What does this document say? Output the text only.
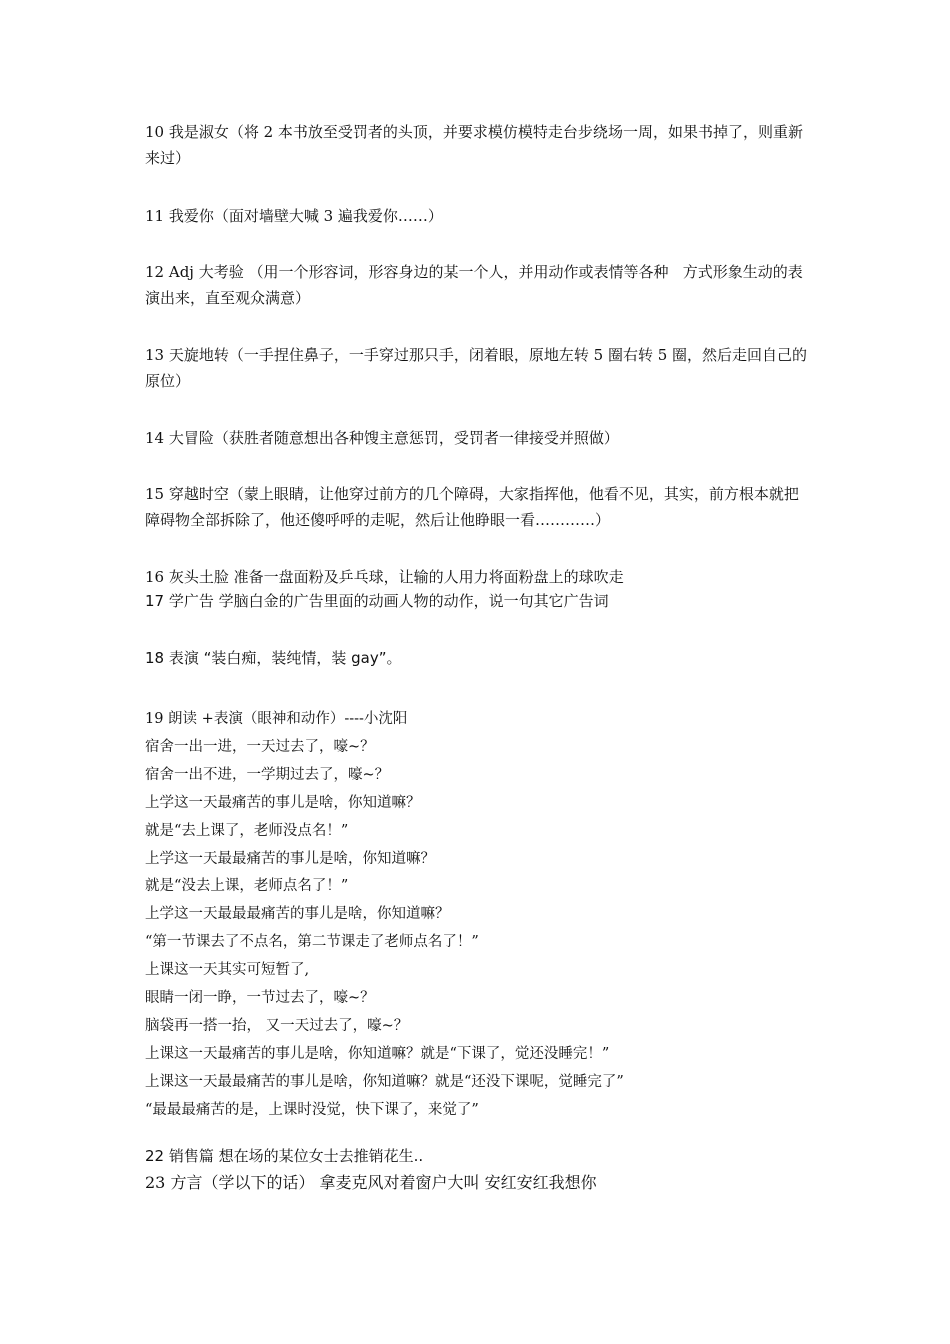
10 我是淑女（将 2 本书放至受罚者的头顶，并要求模仿模特走台步绕场一周，如果书掉了，则重新来过）

11 我爱你（面对墙壁大喊 3 遍我爱你……）

12 Adj 大考验 （用一个形容词，形容身边的某一个人，并用动作或表情等各种   方式形象生动的表演出来，直至观众满意）

13 天旋地转（一手捏住鼻子，一手穿过那只手，闭着眼，原地左转 5 圈右转 5 圈，然后走回自己的原位）

14 大冒险（获胜者随意想出各种馊主意惩罚，受罚者一律接受并照做）

15 穿越时空（蒙上眼睛，让他穿过前方的几个障碍，大家指挥他，他看不见，其实，前方根本就把障碍物全部拆除了，他还傻呼呼的走呢，然后让他睁眼一看…………）

16 灰头土脸 准备一盘面粉及乒乓球，让输的人用力将面粉盘上的球吹走

17 学广告 学脑白金的广告里面的动画人物的动作，说一句其它广告词

18 表演 “装白痴，装纯情，装 gay”。

19 朗读 +表演（眼神和动作）----小沈阳
宿舍一出一进，一天过去了，嚎~？
宿舍一出不进，一学期过去了，嚎~？
上学这一天最痛苦的事儿是啥，你知道嘛？
就是“去上课了，老师没点名！”
上学这一天最最痛苦的事儿是啥，你知道嘛？
就是“没去上课，老师点名了！”
上学这一天最最最痛苦的事儿是啥，你知道嘛？
“第一节课去了不点名，第二节课走了老师点名了！”
上课这一天其实可短暂了,
眼睛一闭一睁，一节过去了，嚎~？
脑袋再一搭一抬， 又一天过去了，嚎~？
上课这一天最痛苦的事儿是啥，你知道嘛？就是“下课了，觉还没睡完！”
上课这一天最最痛苦的事儿是啥，你知道嘛？就是“还没下课呢，觉睡完了”
“最最最痛苦的是，上课时没觉，快下课了，来觉了”

22 销售篇 想在场的某位女士去推销花生..

23 方言（学以下的话） 拿麦克风对着窗户大叫 安红安红我想你
